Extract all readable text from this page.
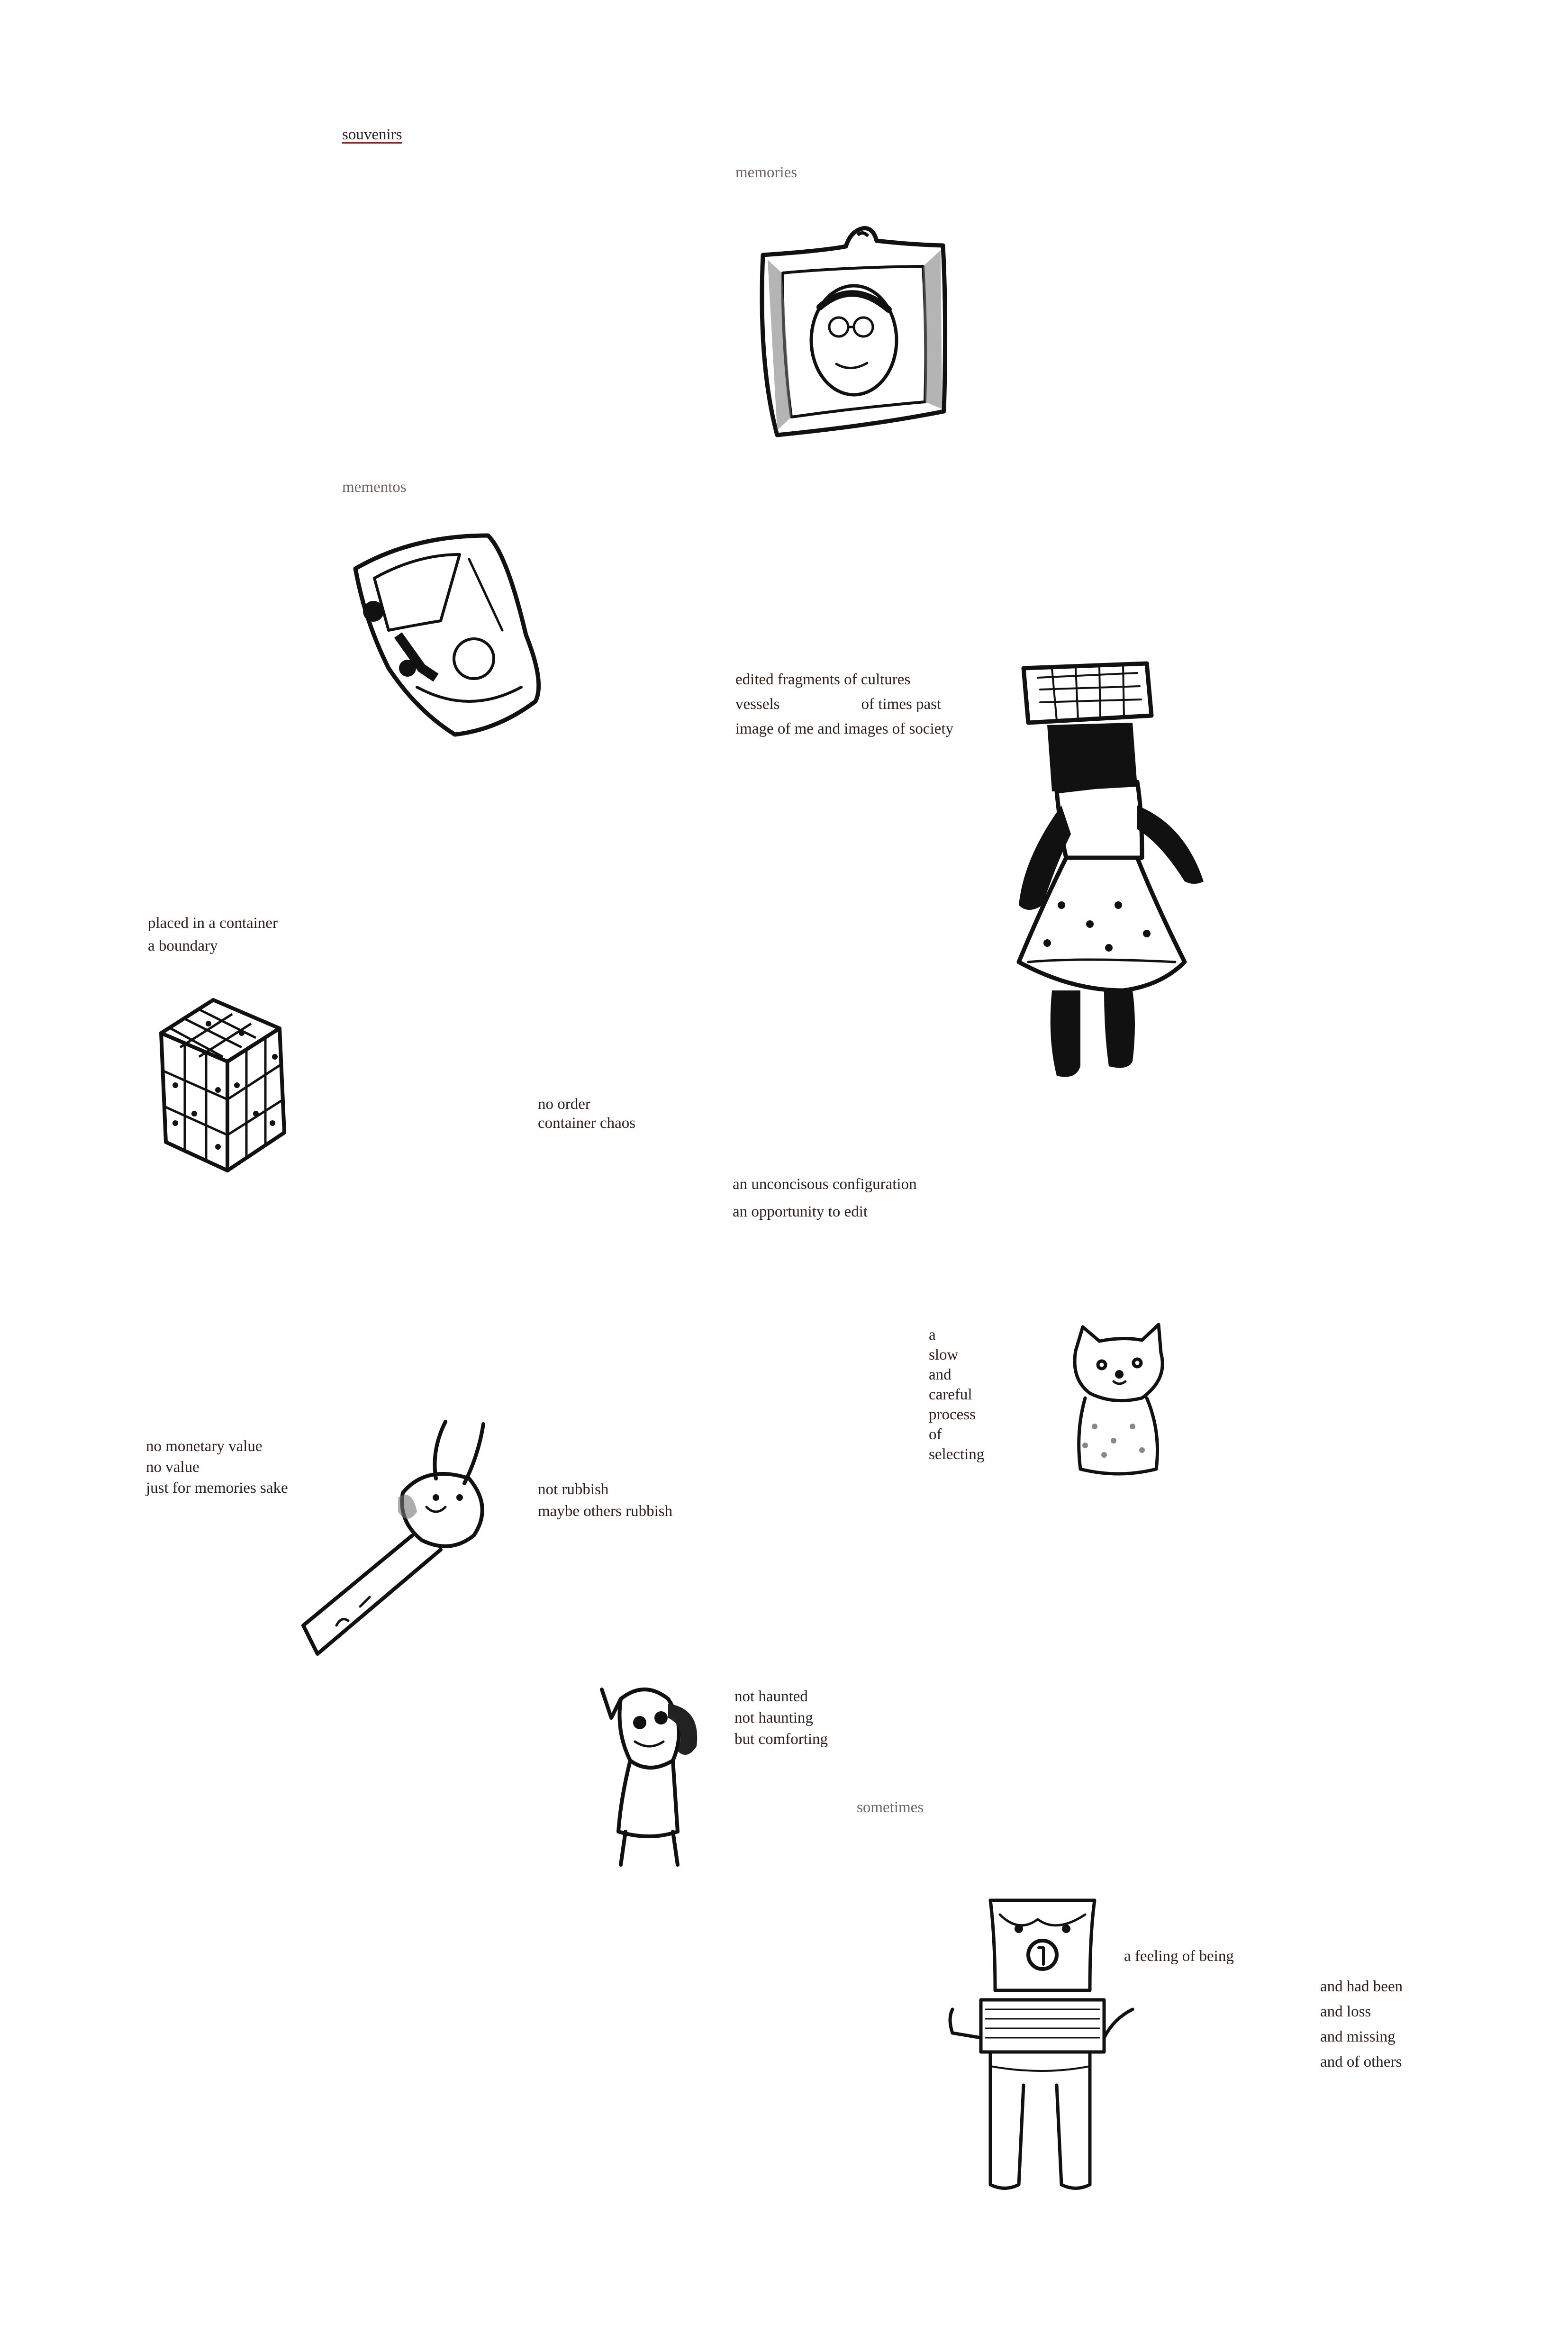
souvenirs
memories
mementos
sometimes
edited fragments of cultures
vessels	of times past
image of me and images of society
placed in a container
a boundary
no order
container chaos
an unconcisous configuration
an opportunity to edit
a
slow
and
careful
process
of
selecting
no monetary value
no value
just for memories sake	not rubbish
maybe others rubbish
not haunted
not haunting
but comforting
a feeling of being
and had been
and loss
and missing
and of others
